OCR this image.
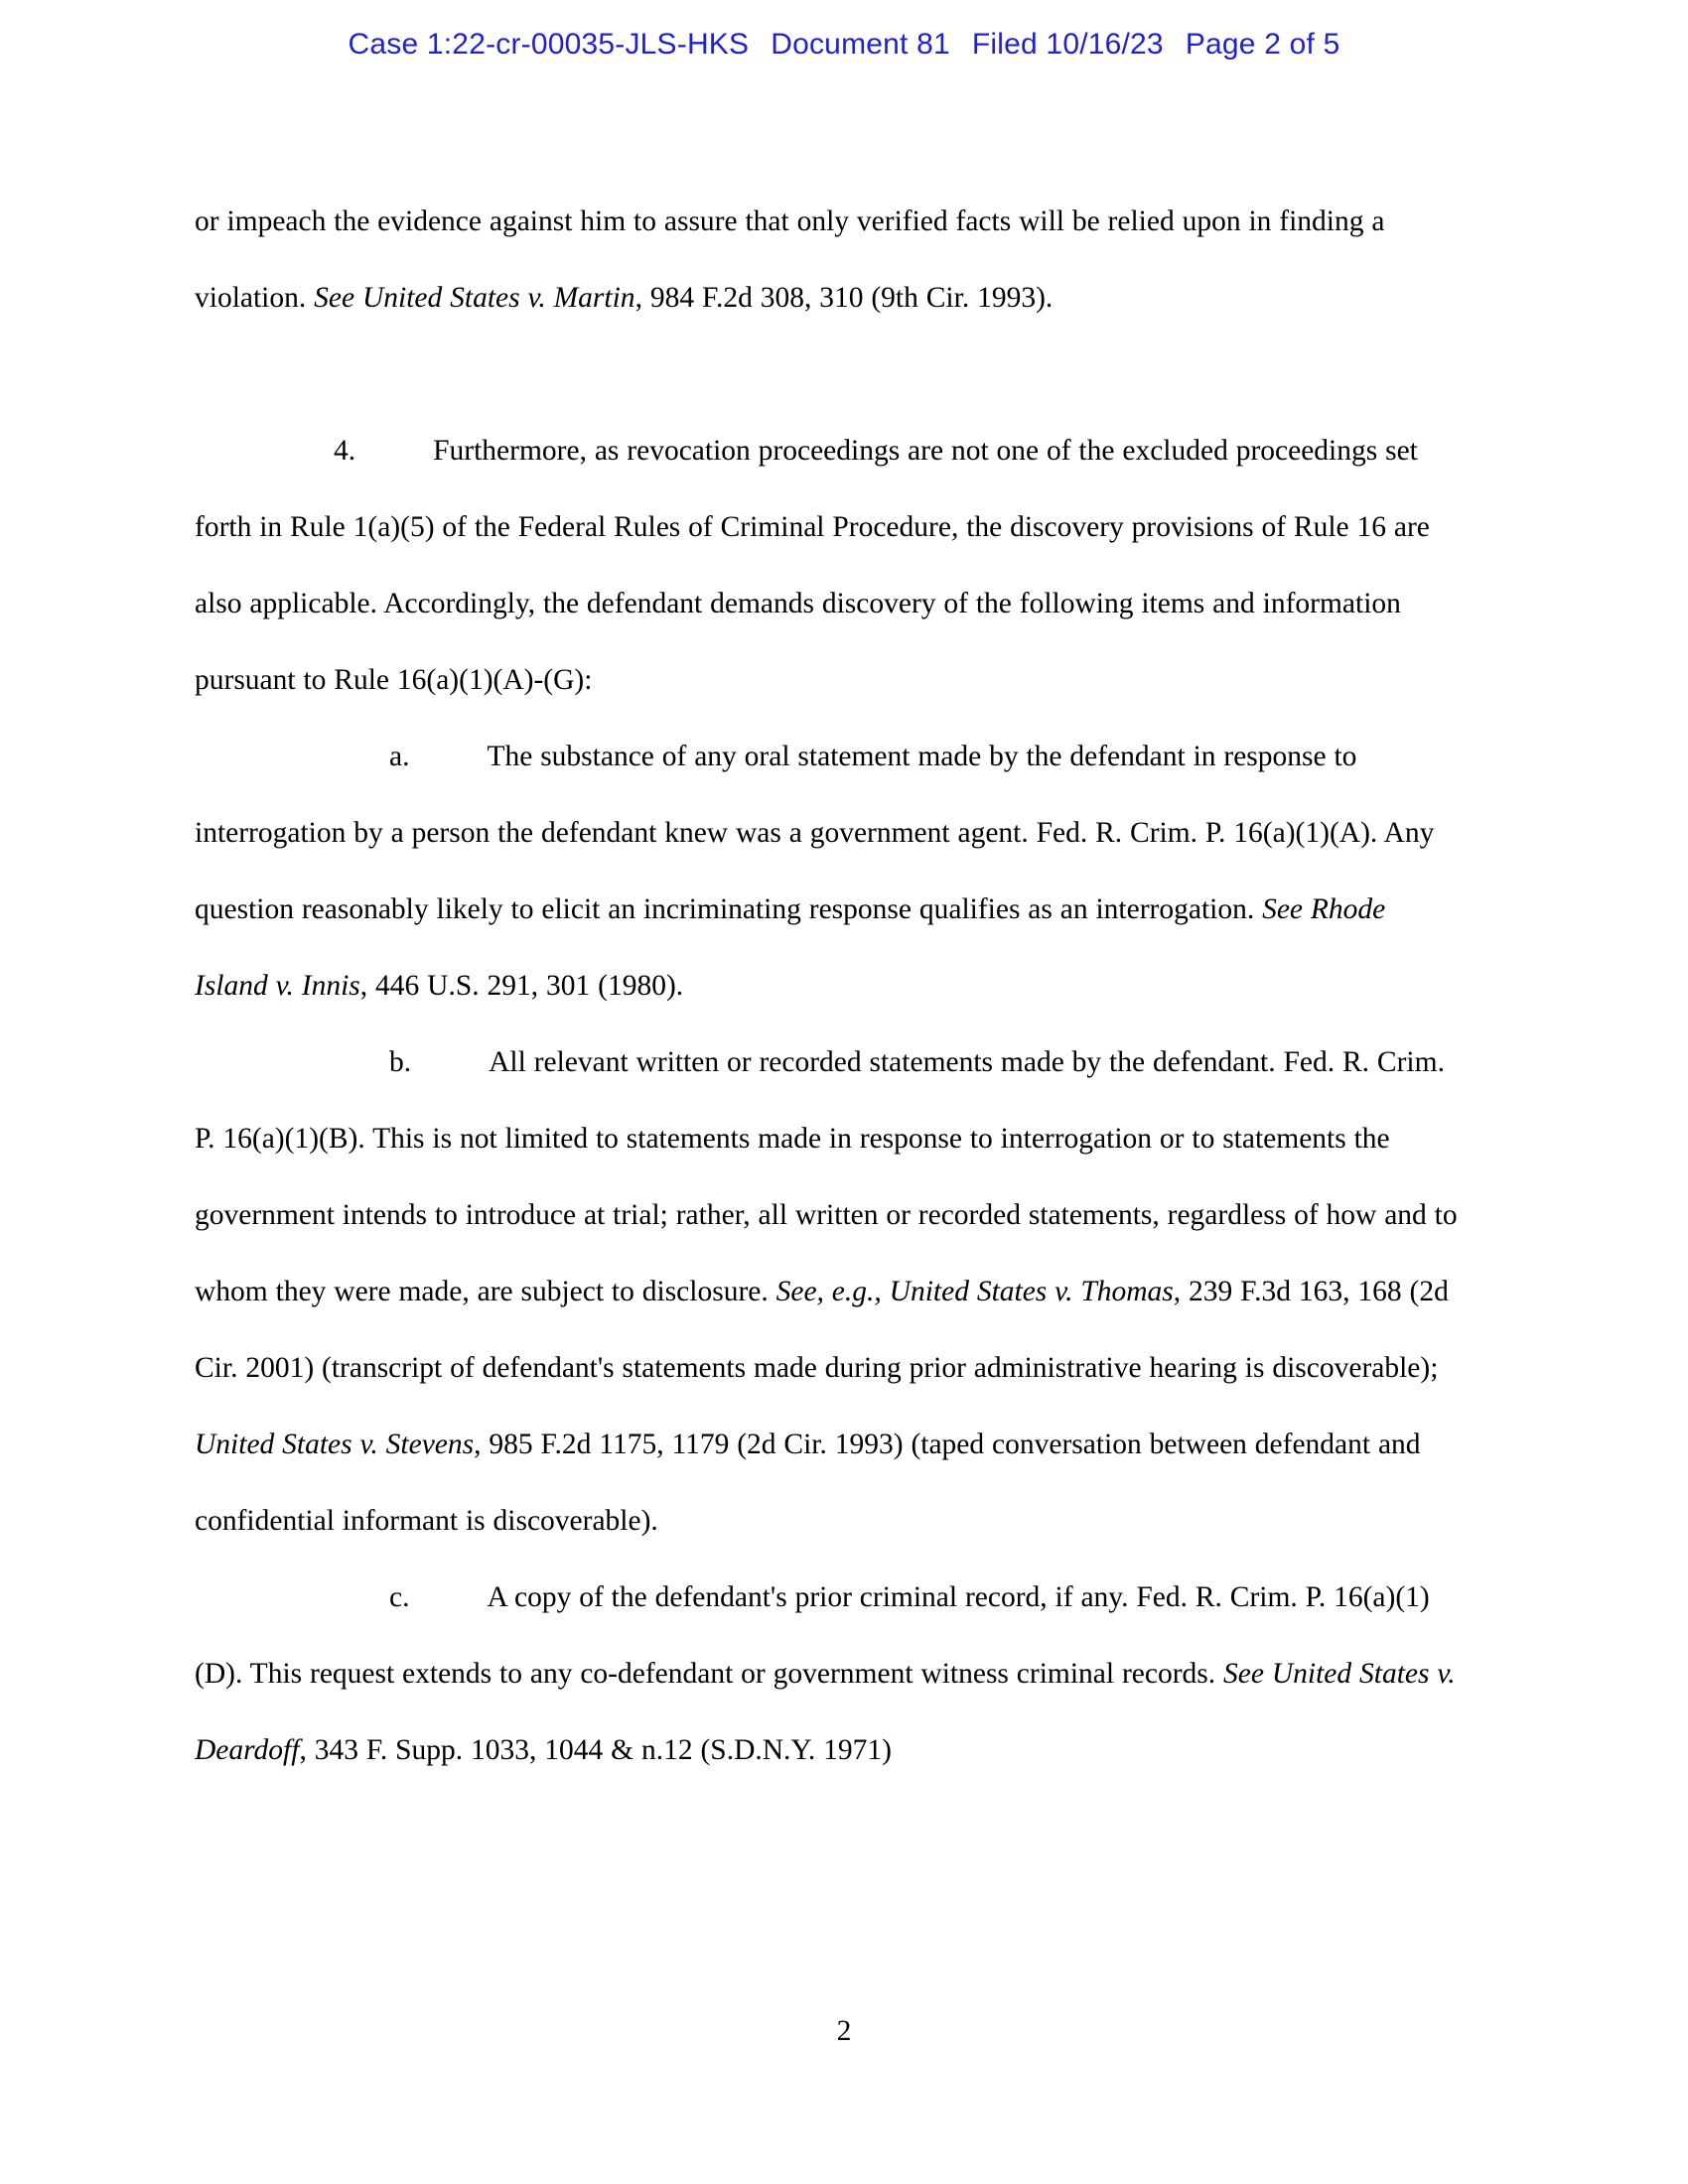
Case 1:22-cr-00035-JLS-HKS Document 81 Filed 10/16/23 Page 2 of 5

or impeach the evidence against him to assure that only verified facts will be relied upon in finding a violation. See United States v. Martin, 984 F.2d 308, 310 (9th Cir. 1993).

4.	Furthermore, as revocation proceedings are not one of the excluded proceedings set forth in Rule 1(a)(5) of the Federal Rules of Criminal Procedure, the discovery provisions of Rule 16 are also applicable. Accordingly, the defendant demands discovery of the following items and information pursuant to Rule 16(a)(1)(A)-(G):

a.	The substance of any oral statement made by the defendant in response to interrogation by a person the defendant knew was a government agent. Fed. R. Crim. P. 16(a)(1)(A). Any question reasonably likely to elicit an incriminating response qualifies as an interrogation. See Rhode Island v. Innis, 446 U.S. 291, 301 (1980).

b.	All relevant written or recorded statements made by the defendant. Fed. R. Crim. P. 16(a)(1)(B). This is not limited to statements made in response to interrogation or to statements the government intends to introduce at trial; rather, all written or recorded statements, regardless of how and to whom they were made, are subject to disclosure. See, e.g., United States v. Thomas, 239 F.3d 163, 168 (2d Cir. 2001) (transcript of defendant's statements made during prior administrative hearing is discoverable); United States v. Stevens, 985 F.2d 1175, 1179 (2d Cir. 1993) (taped conversation between defendant and confidential informant is discoverable).

c.	A copy of the defendant's prior criminal record, if any. Fed. R. Crim. P. 16(a)(1)(D). This request extends to any co-defendant or government witness criminal records. See United States v. Deardoff, 343 F. Supp. 1033, 1044 & n.12 (S.D.N.Y. 1971)

2
